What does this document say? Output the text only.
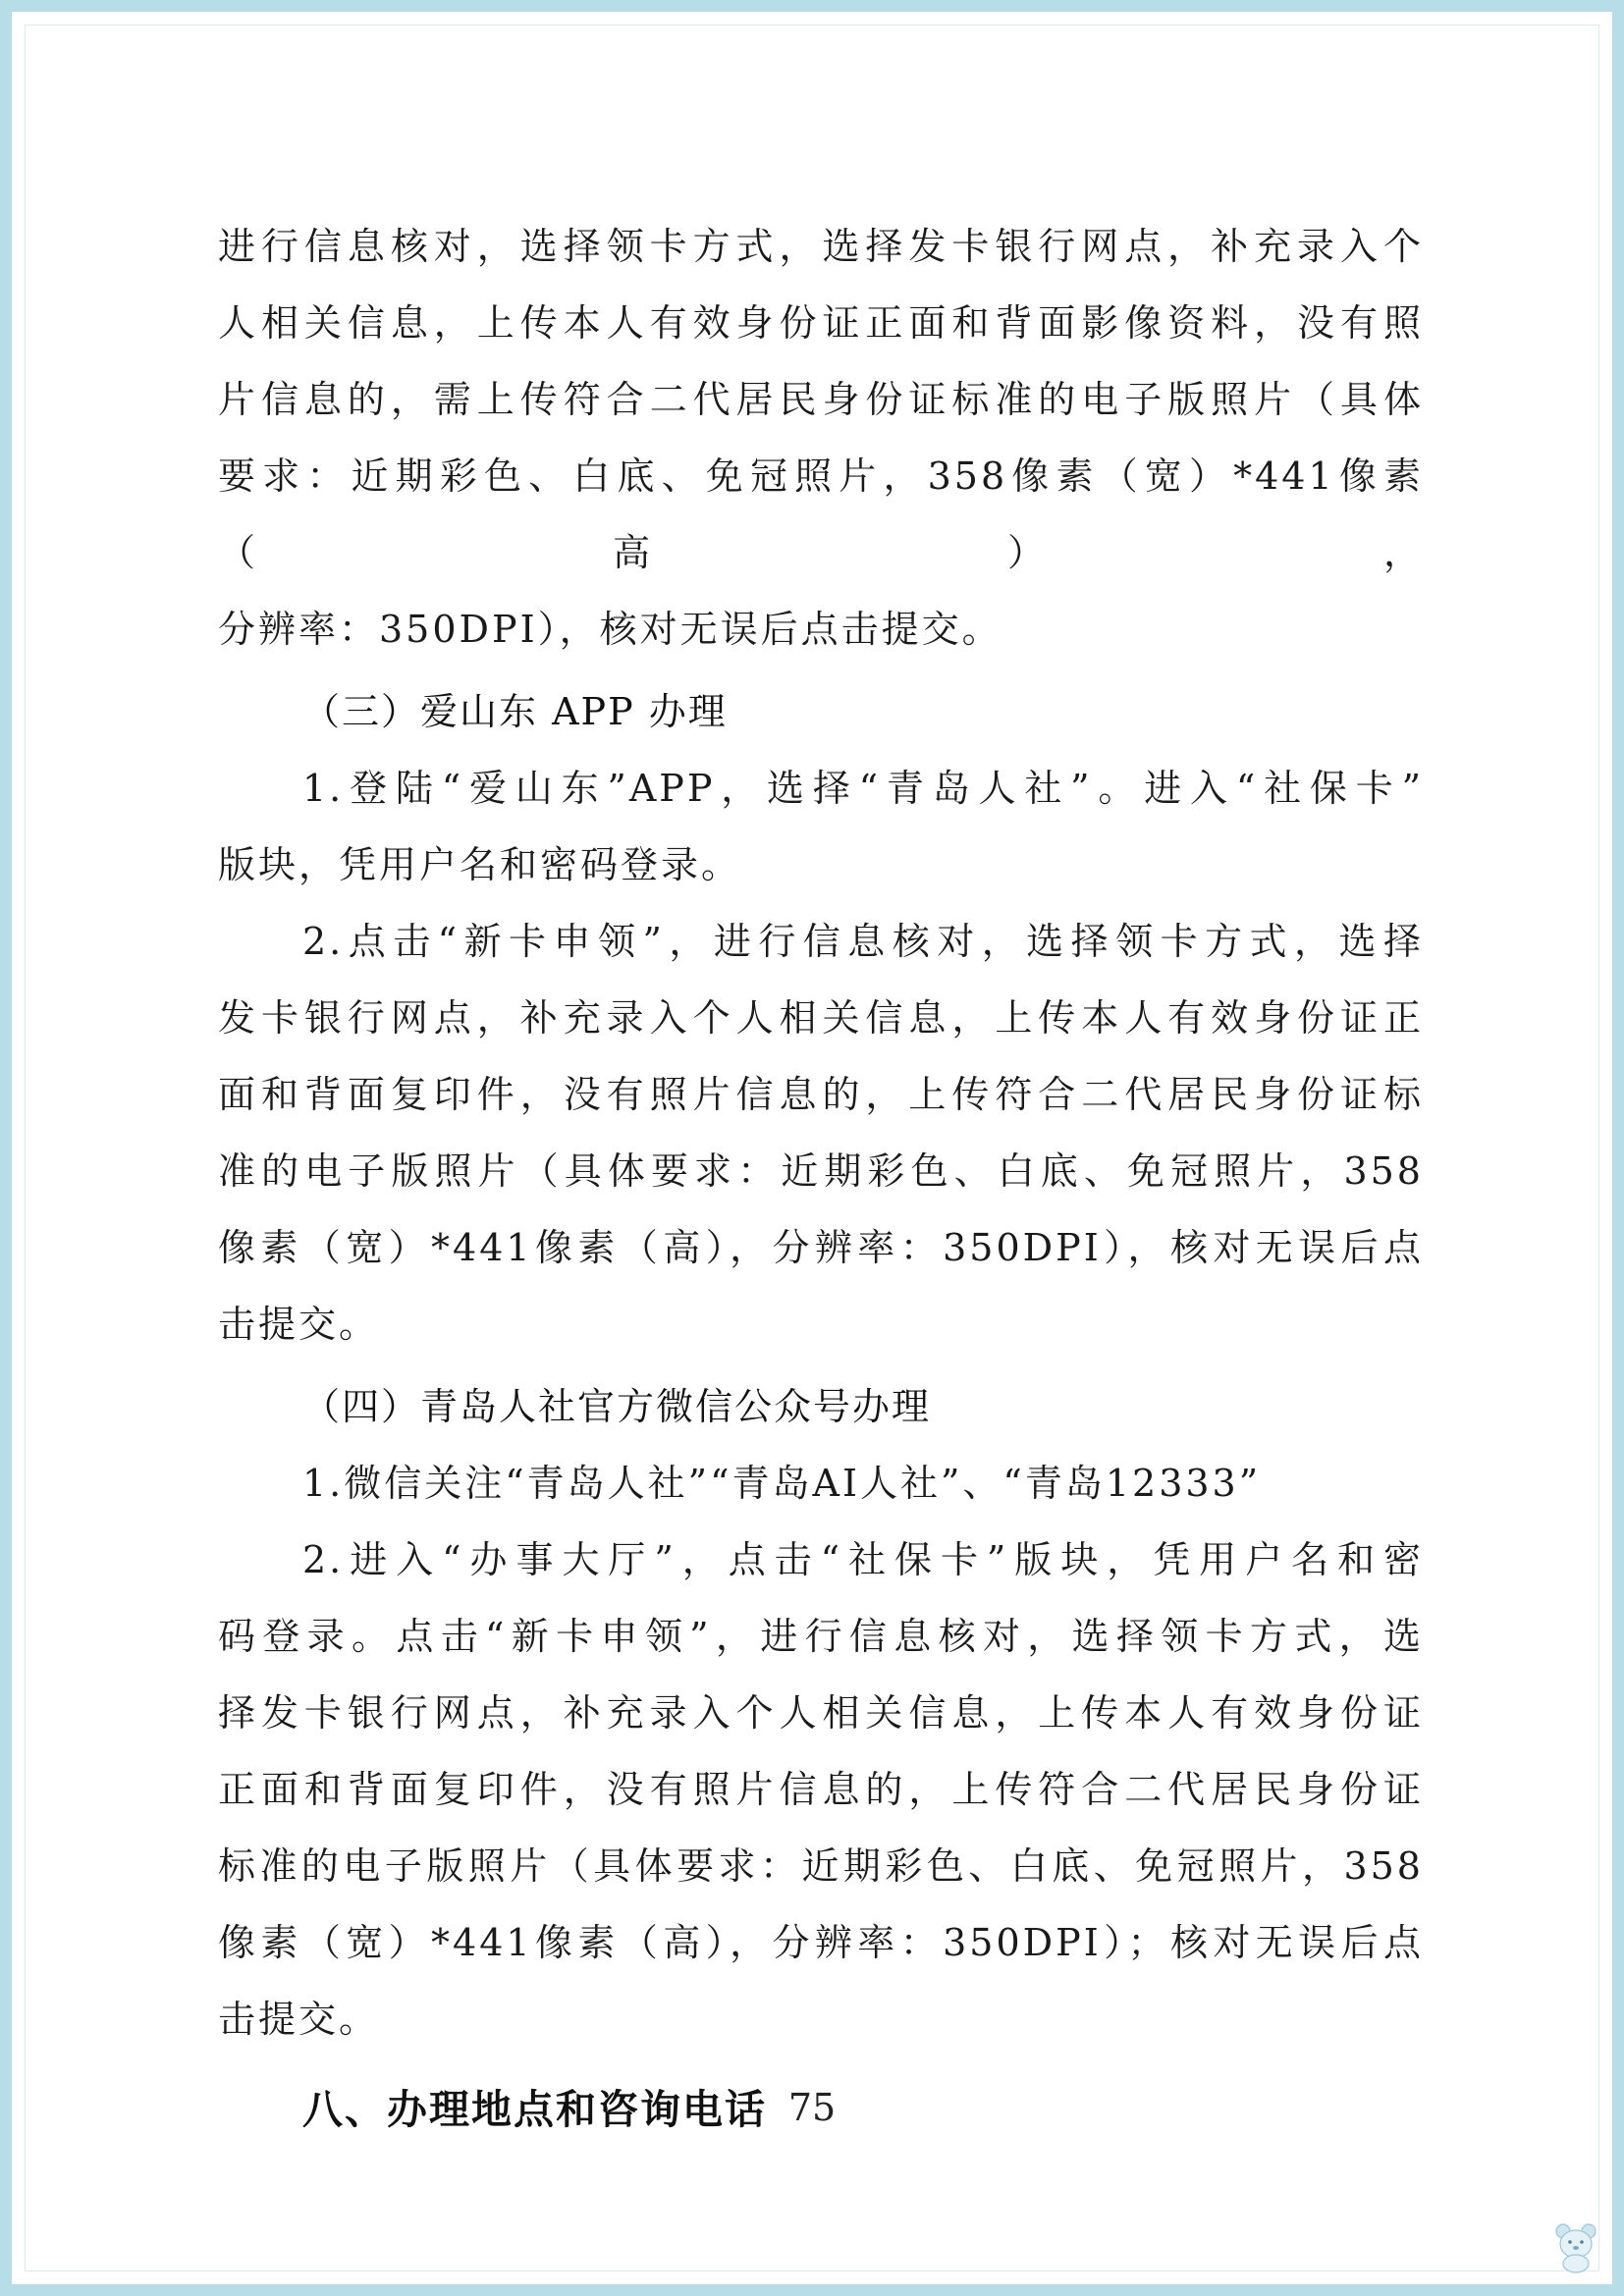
进行信息核对，选择领卡方式，选择发卡银行网点，补充录入个
人相关信息，上传本人有效身份证正面和背面影像资料，没有照
片信息的，需上传符合二代居民身份证标准的电子版照片（具体
要求：近期彩色、白底、免冠照片，358像素（宽）*441像素（高），
分辨率：350DPI），核对无误后点击提交。

（三）爱山东 APP 办理

1.登陆“爱山东”APP，选择“青岛人社”。进入“社保卡”
版块，凭用户名和密码登录。

2.点击“新卡申领”，进行信息核对，选择领卡方式，选择
发卡银行网点，补充录入个人相关信息，上传本人有效身份证正
面和背面复印件，没有照片信息的，上传符合二代居民身份证标
准的电子版照片（具体要求：近期彩色、白底、免冠照片，358
像素（宽）*441像素（高），分辨率：350DPI），核对无误后点
击提交。

（四）青岛人社官方微信公众号办理

1.微信关注“青岛人社”“青岛AI人社”、“青岛12333”

2.进入“办事大厅”，点击“社保卡”版块，凭用户名和密
码登录。点击“新卡申领”，进行信息核对，选择领卡方式，选
择发卡银行网点，补充录入个人相关信息，上传本人有效身份证
正面和背面复印件，没有照片信息的，上传符合二代居民身份证
标准的电子版照片（具体要求：近期彩色、白底、免冠照片，358
像素（宽）*441像素（高），分辨率：350DPI）；核对无误后点
击提交。

八、办理地点和咨询电话 75
